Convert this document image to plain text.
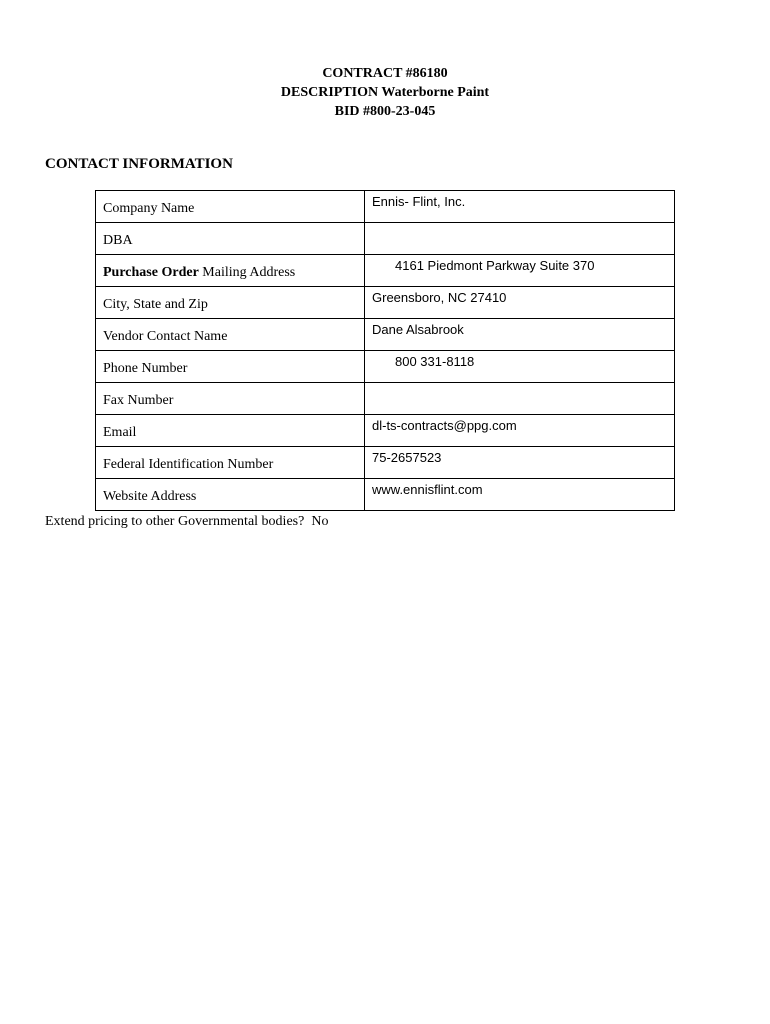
CONTRACT #86180
DESCRIPTION Waterborne Paint
BID #800-23-045
CONTACT INFORMATION
Company Name	Ennis- Flint, Inc.
DBA	
Purchase Order Mailing Address	4161 Piedmont Parkway Suite 370
City, State and Zip	Greensboro, NC 27410
Vendor Contact Name	Dane Alsabrook
Phone Number	800 331-8118
Fax Number	
Email	dl-ts-contracts@ppg.com
Federal Identification Number	75-2657523
Website Address	www.ennisflint.com
Extend pricing to other Governmental bodies? No
